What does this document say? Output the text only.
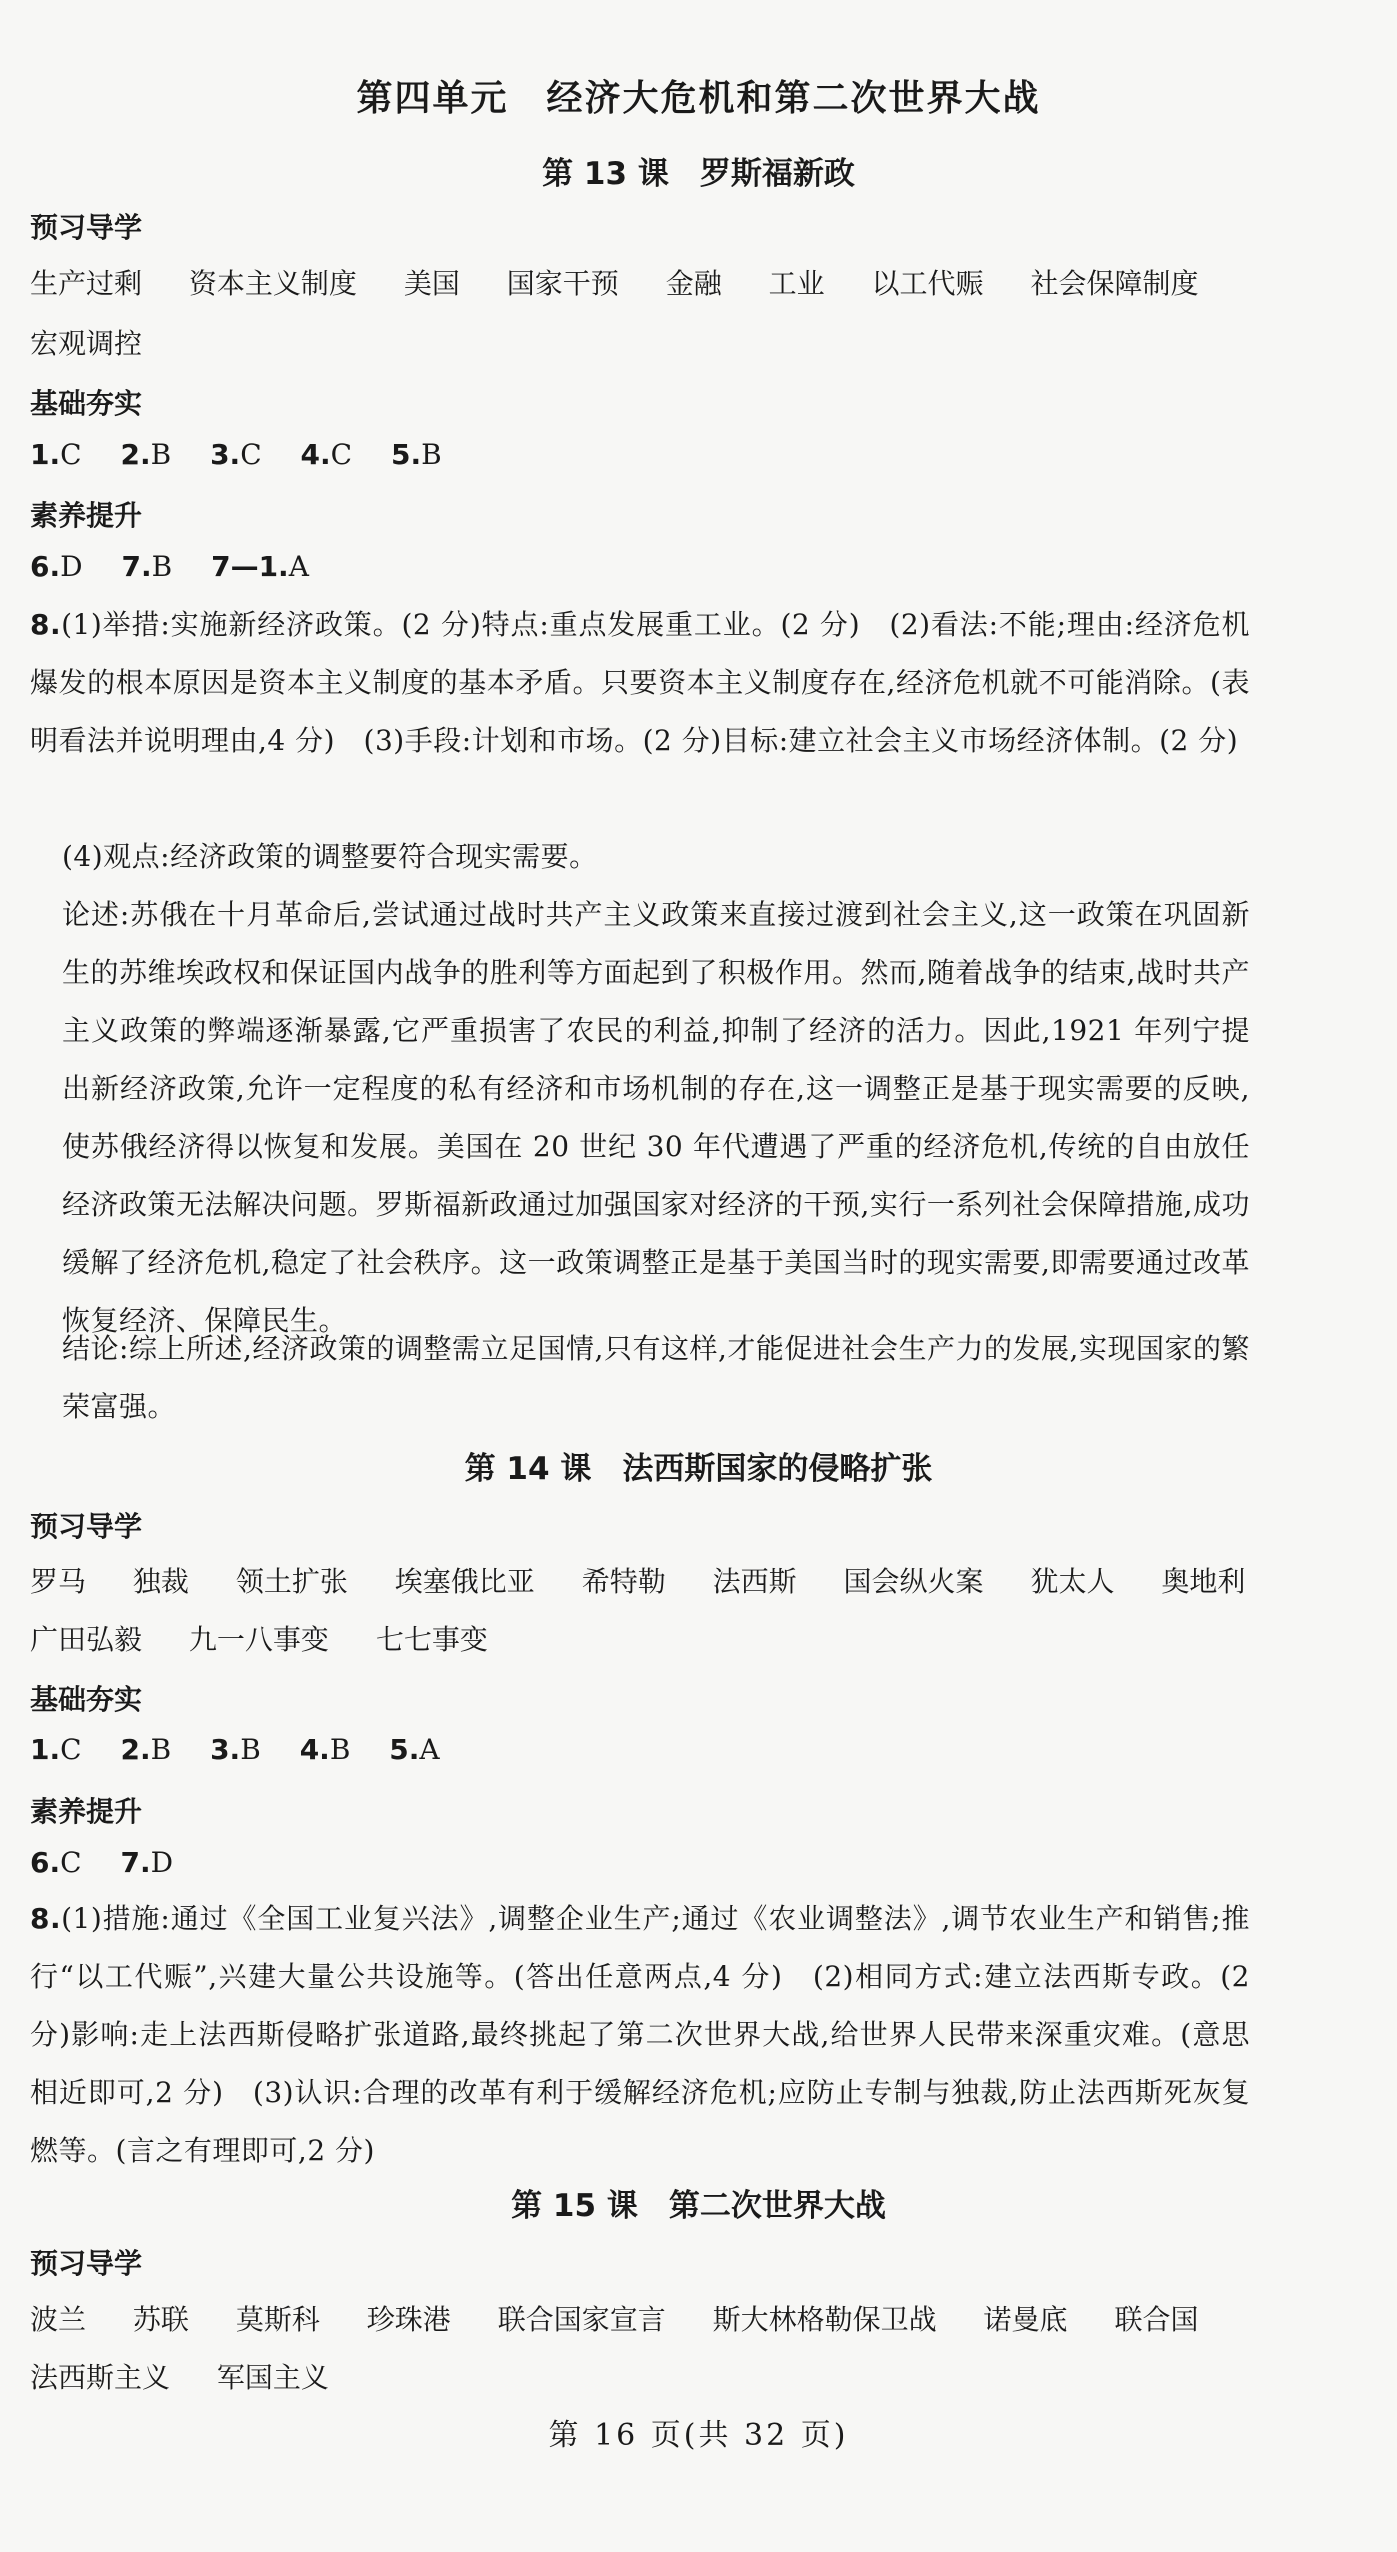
第四单元　经济大危机和第二次世界大战
第 13 课　罗斯福新政
预习导学
生产过剩 资本主义制度 美国 国家干预 金融 工业 以工代赈 社会保障制度
宏观调控
基础夯实
1.C 2.B 3.C 4.C 5.B
素养提升
6.D 7.B 7—1.A
8.(1)举措:实施新经济政策。(2 分)特点:重点发展重工业。(2 分)　(2)看法:不能;理由:经济危机爆发的根本原因是资本主义制度的基本矛盾。只要资本主义制度存在,经济危机就不可能消除。(表明看法并说明理由,4 分)　(3)手段:计划和市场。(2 分)目标:建立社会主义市场经济体制。(2 分)
(4)观点:经济政策的调整要符合现实需要。
论述:苏俄在十月革命后,尝试通过战时共产主义政策来直接过渡到社会主义,这一政策在巩固新生的苏维埃政权和保证国内战争的胜利等方面起到了积极作用。然而,随着战争的结束,战时共产主义政策的弊端逐渐暴露,它严重损害了农民的利益,抑制了经济的活力。因此,1921 年列宁提出新经济政策,允许一定程度的私有经济和市场机制的存在,这一调整正是基于现实需要的反映,使苏俄经济得以恢复和发展。美国在 20 世纪 30 年代遭遇了严重的经济危机,传统的自由放任经济政策无法解决问题。罗斯福新政通过加强国家对经济的干预,实行一系列社会保障措施,成功缓解了经济危机,稳定了社会秩序。这一政策调整正是基于美国当时的现实需要,即需要通过改革恢复经济、保障民生。
结论:综上所述,经济政策的调整需立足国情,只有这样,才能促进社会生产力的发展,实现国家的繁荣富强。
第 14 课　法西斯国家的侵略扩张
预习导学
罗马 独裁 领土扩张 埃塞俄比亚 希特勒 法西斯 国会纵火案 犹太人 奥地利
广田弘毅 九一八事变 七七事变
基础夯实
1.C 2.B 3.B 4.B 5.A
素养提升
6.C 7.D
8.(1)措施:通过《全国工业复兴法》,调整企业生产;通过《农业调整法》,调节农业生产和销售;推行“以工代赈”,兴建大量公共设施等。(答出任意两点,4 分)　(2)相同方式:建立法西斯专政。(2 分)影响:走上法西斯侵略扩张道路,最终挑起了第二次世界大战,给世界人民带来深重灾难。(意思相近即可,2 分)　(3)认识:合理的改革有利于缓解经济危机;应防止专制与独裁,防止法西斯死灰复燃等。(言之有理即可,2 分)
第 15 课　第二次世界大战
预习导学
波兰 苏联 莫斯科 珍珠港 联合国家宣言 斯大林格勒保卫战 诺曼底 联合国
法西斯主义 军国主义
第 16 页(共 32 页)
